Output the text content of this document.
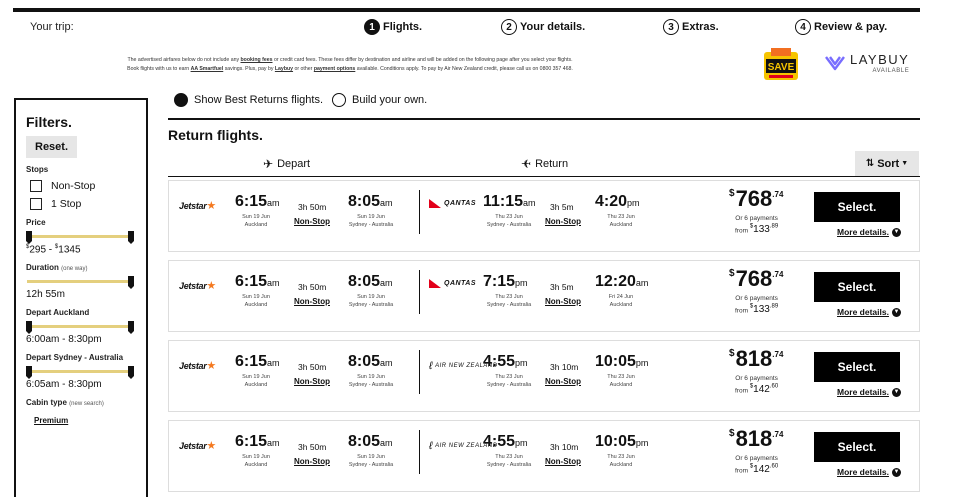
Your trip:	1 Flights.	2 Your details.	3 Extras.	4 Review & pay.
The advertised airfares below do not include any booking fees or credit card fees. These fees differ by destination and airline and will be added on the following page after you select your flights.
Book flights with us to earn AA Smartfuel savings. Plus, pay by Laybuy or other payment options available. Conditions apply. To pay by Air New Zealand credit, please call us on 0800 357 468.	SAVE
LAYBUY
AVAILABLE
Filters.
Reset.
Stops
Non-Stop
1 Stop
Price
$295 - $1345
Duration (one way)
12h 55m
Depart Auckland
6:00am - 8:30pm
Depart Sydney - Australia
6:05am - 8:30pm
Cabin type (new search)
Premium
Show Best Returns flights.	Build your own.
Return flights.
✈ Depart	✈ Return	⇅ Sort ▼
Jetstar★ 6:15am
Sun 19 Jun
Auckland
3h 50m
Non-Stop
8:05am
Sun 19 Jun
Sydney - Australia
QANTAS 11:15am
Thu 23 Jun
Sydney - Australia
3h 5m
Non-Stop
4:20pm
Thu 23 Jun
Auckland
$ 768 .74
Or 6 payments
from $^{\$}133^{.89}$
Select.
More details. ▼
Jetstar★ 6:15am
Sun 19 Jun
Auckland
3h 50m
Non-Stop
8:05am
Sun 19 Jun
Sydney - Australia
QANTAS 7:15pm
Thu 23 Jun
Sydney - Australia
3h 5m
Non-Stop
12:20am
Fri 24 Jun
Auckland
$ 768 .74
Or 6 payments
from $^{\$}133^{.89}$
Select.
More details. ▼
Jetstar★ 6:15am
Sun 19 Jun
Auckland
3h 50m
Non-Stop
8:05am
Sun 19 Jun
Sydney - Australia
ℓ AIR NEW ZEALAND
4:55pm
Thu 23 Jun
Sydney - Australia
3h 10m
Non-Stop
10:05pm
Thu 23 Jun
Auckland
$ 818 .74
Or 6 payments
from $^{\$}142^{.60}$
Select.
More details. ▼
Jetstar★ 6:15am
Sun 19 Jun
Auckland
3h 50m
Non-Stop
8:05am
Sun 19 Jun
Sydney - Australia
ℓ AIR NEW ZEALAND
4:55pm
Thu 23 Jun
Sydney - Australia
3h 10m
Non-Stop
10:05pm
Thu 23 Jun
Auckland
$ 818 .74
Or 6 payments
from $^{\$}142^{.60}$
Select.
More details. ▼
